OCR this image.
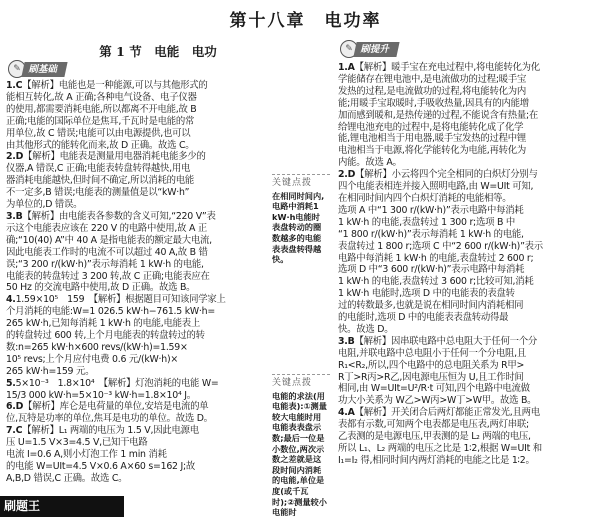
第十八章　电功率
✎ 刷基础
第 1 节　电能　电功	✎ 刷提升

1.C【解析】电能也是一种能源,可以与其他形式的

能相互转化,故 A 正确;各种电气设备、电子仪器

的使用,都需要消耗电能,所以都离不开电能,故 B

正确;电能的国际单位是焦耳,千瓦时是电能的常

用单位,故 C 错误;电能可以由电源提供,也可以

由其他形式的能转化而来,故 D 正确。故选 C。

2.D【解析】电能表是测量用电器消耗电能多少的

仪器,A 错误,C 正确;电能表转盘转得越快,用电

器消耗电能越快,但时间不确定,所以消耗的电能

不一定多,B 错误;电能表的测量值是以“kW·h”

为单位的,D 错误。

3.B【解析】由电能表各参数的含义可知,“220 V”表

示这个电能表应该在 220 V 的电路中使用,故 A 正

确;“10(40) A”中 40 A 是指电能表的额定最大电流,

因此电能表工作时的电流不可以超过 40 A,故 B 错

误;“3 200 r/(kW·h)”表示每消耗 1 kW·h 的电能,

电能表的转盘转过 3 200 转,故 C 正确;电能表应在

50 Hz 的交流电路中使用,故 D 正确。故选 B。

4.1.59×10⁵　159　【解析】根据题目可知该同学家上

个月消耗的电能:W=1 026.5 kW·h−761.5 kW·h=

265 kW·h,已知每消耗 1 kW·h 的电能,电能表上

的转盘转过 600 转,上个月电能表的转盘转过的转

数:n=265 kW·h×600 revs/(kW·h)=1.59×

10⁵ revs;上个月应付电费 0.6 元/(kW·h)×

265 kW·h=159 元。

5.5×10⁻³　1.8×10⁴　【解析】灯泡消耗的电能 W=

15/3 000 kW·h=5×10⁻³ kW·h=1.8×10⁴ J。

6.D【解析】库仑是电荷量的单位,安培是电流的单

位,瓦特是功率的单位,焦耳是电功的单位。故选 D。

7.C【解析】L₁ 两端的电压为 1.5 V,因此电源电

压 U=1.5 V×3=4.5 V,已知干电路

电流 I=0.6 A,则小灯泡工作 1 min 消耗

的电能 W=UIt=4.5 V×0.6 A×60 s=162 J;故

A,B,D 错误,C 正确。故选 C。

关键点拨
在相同时间内,电路中消耗1 kW·h电能时表盘转动的圈数越多的电能表表盘转得越快。
关键点拨
电能的求法(用电能表):①测量较大电能时用电能表表盘示数;最后一位是小数位,两次示数之差就是这段时间内消耗的电能,单位是度(或千瓦时);②测量较小电能时

1.A【解析】暖手宝在充电过程中,将电能转化为化

学能储存在锂电池中,是电流做功的过程;暖手宝

发热的过程,是电流做功的过程,将电能转化为内

能;用暖手宝取暖时,手吸收热量,因具有的内能增

加而感到暖和,是热传递的过程,不能说含有热量;在

给锂电池充电的过程中,是将电能转化成了化学

能,锂电池相当于用电器,暖手宝发热的过程中锂

电池相当于电源,将化学能转化为电能,再转化为

内能。故选 A。

2.D【解析】小云将四个完全相同的白炽灯分别与

四个电能表相连并接入照明电路,由 W=UIt 可知,

在相同时间内四个白炽灯消耗的电能相等。

选项 A 中“1 300 r/(kW·h)”表示电路中每消耗

1 kW·h 的电能,表盘转过 1 300 r;选项 B 中

“1 800 r/(kW·h)”表示每消耗 1 kW·h 的电能,

表盘转过 1 800 r;选项 C 中“2 600 r/(kW·h)”表示

电路中每消耗 1 kW·h 的电能,表盘转过 2 600 r;

选项 D 中“3 600 r/(kW·h)”表示电路中每消耗

1 kW·h 的电能,表盘转过 3 600 r;比较可知,消耗

1 kW·h 电能时,选项 D 中的电能表的表盘转

过的转数最多,也就是说在相同时间内消耗相同

的电能时,选项 D 中的电能表表盘转动得最

快。故选 D。

3.B【解析】因串联电路中总电阻大于任何一个分

电阻,并联电路中总电阻小于任何一个分电阻,且

R₁<R₂,所以,四个电路中的总电阻关系为 R甲>

R丁>R丙>R乙,因电源电压恒为 U,且工作时间

相同,由 W=UIt=U²/R·t 可知,四个电路中电流做

功大小关系为 W乙>W丙>W丁>W甲。故选 B。

4.A【解析】开关闭合后两灯都能正常发光,且两电

表都有示数,可知两个电表都是电压表,两灯串联;

乙表测的是电源电压,甲表测的是 L₂ 两端的电压,

所以 L₁、L₂ 两端的电压之比是 1∶2,根据 W=UIt 和

I₁=I₂ 得,相同时间内两灯消耗的电能之比是 1∶2。

刷题王
